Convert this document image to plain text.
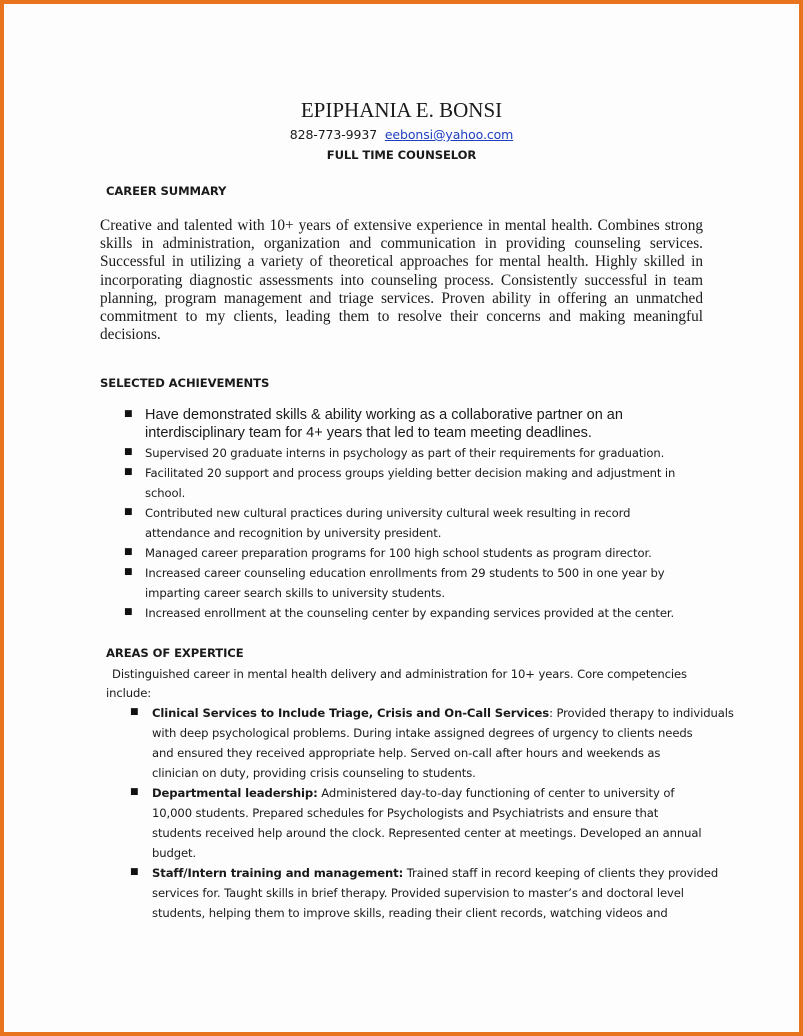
EPIPHANIA E. BONSI
828-773-9937 eebonsi@yahoo.com
FULL TIME COUNSELOR
CAREER SUMMARY
Creative and talented with 10+ years of extensive experience in mental health. Combines strong
skills in administration, organization and communication in providing counseling services.
Successful in utilizing a variety of theoretical approaches for mental health. Highly skilled in
incorporating diagnostic assessments into counseling process. Consistently successful in team
planning, program management and triage services. Proven ability in offering an unmatched
commitment to my clients, leading them to resolve their concerns and making meaningful
decisions.
SELECTED ACHIEVEMENTS
■ Have demonstrated skills & ability working as a collaborative partner on an
interdisciplinary team for 4+ years that led to team meeting deadlines.
■ Supervised 20 graduate interns in psychology as part of their requirements for graduation.
■ Facilitated 20 support and process groups yielding better decision making and adjustment in
school.
■ Contributed new cultural practices during university cultural week resulting in record
attendance and recognition by university president.
■ Managed career preparation programs for 100 high school students as program director.
■ Increased career counseling education enrollments from 29 students to 500 in one year by
imparting career search skills to university students.
■ Increased enrollment at the counseling center by expanding services provided at the center.
AREAS OF EXPERTICE
Distinguished career in mental health delivery and administration for 10+ years. Core competencies
include:
■ Clinical Services to Include Triage, Crisis and On-Call Services: Provided therapy to individuals
with deep psychological problems. During intake assigned degrees of urgency to clients needs
and ensured they received appropriate help. Served on-call after hours and weekends as
clinician on duty, providing crisis counseling to students.
■ Departmental leadership: Administered day-to-day functioning of center to university of
10,000 students. Prepared schedules for Psychologists and Psychiatrists and ensure that
students received help around the clock. Represented center at meetings. Developed an annual
budget.
■ Staff/Intern training and management: Trained staff in record keeping of clients they provided
services for. Taught skills in brief therapy. Provided supervision to master’s and doctoral level
students, helping them to improve skills, reading their client records, watching videos and
